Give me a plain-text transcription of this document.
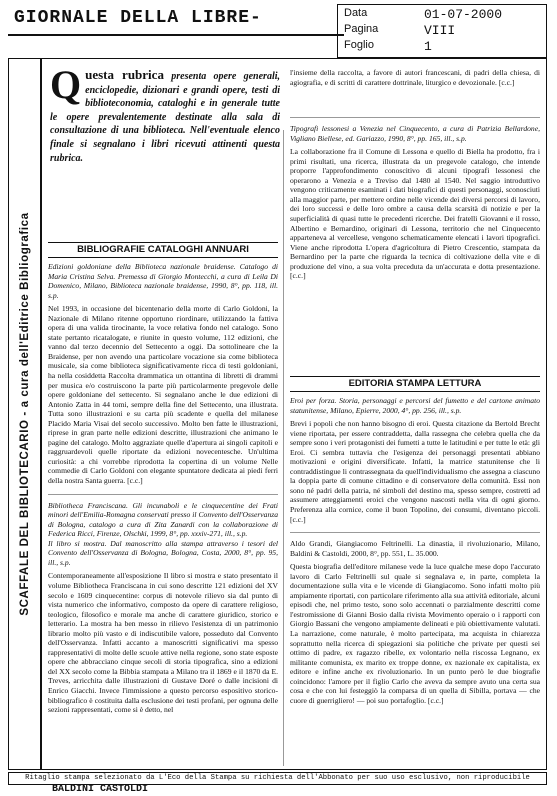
GIORNALE DELLA LIBRE-	Data	01-07-2000
Pagina	VIII
Foglio	1
SCAFFALE DEL BIBLIOTECARIO - a cura dell'Editrice Bibliografica
Questa rubrica presenta opere generali, enciclopedie, dizionari e grandi opere, testi di biblioteconomia, cataloghi e in generale tutte le opere prevalentemente destinate alla sala di consultazione di una biblioteca. Nell'eventuale elenco finale si segnalano i libri ricevuti attinenti questa rubrica.
BIBLIOGRAFIE CATALOGHI ANNUARI
EDITORIA STAMPA LETTURA

Edizioni goldoniane della Biblioteca nazionale braidense. Catalogo di Maria Cristina Selva. Premessa di Giorgio Montecchi, a cura di Leila Di Domenico, Milano, Biblioteca nazionale braidense, 1990, 8°, pp. 118, ill. s.p.

Nel 1993, in occasione del bicentenario della morte di Carlo Goldoni, la Nazionale di Milano ritenne opportuno riordinare, utilizzando la fattiva opera di una valida tirocinante, la voce relativa fondo nel catalogo. Sono state pertanto ricatalogate, e riunite in questo volume, 112 edizioni, che vanno dal terzo decennio del Settecento a oggi. Da sottolineare che la Braidense, per non avendo una particolare vocazione sia come biblioteca musicale, sia come biblioteca significativamente ricca di testi goldoniani, ha nella cosiddetta Raccolta drammatica un ottantina di libretti di drammi per musica e/o costruiscono la parte più particolarmente pregevole delle opere goldoniane del settecento. Si segnalano anche le due edizioni di Antonio Zatta in 44 tomi, sempre della fine del Settecento, una illustrata. Tutta sono illustrazioni e su carta più scadente e quella del milanese Placido Maria Visai del secolo successivo. Molto ben fatte le illustrazioni, riprese in gran parte nelle edizioni descritte, illustrazioni che animano le pagine del catalogo. Molto aggraziate quelle d'apertura ai singoli capitoli e raggruardevoli quelle riportate da edizioni novecentesche. Un'ultima curiosità: a chi vorrebbe riprodotta la copertina di un volume Nelle commedie di Carlo Goldoni con elegante spuntatore dedicata ai piedi ferri della nostra Santa guerra. [c.c.]

Bibliotheca Franciscana. Gli incunaboli e le cinquecentine dei Frati minori dell'Emilia-Romagna conservati presso il Convento dell'Osservanza di Bologna, catalogo a cura di Zita Zanardi con la collaborazione di Federica Ricci, Firenze, Olschki, 1999, 8°, pp. xxxiv-271, ill., s.p.

Il libro si mostra. Dal manoscritto alla stampa attraverso i tesori del Convento dell'Osservanza di Bologna, Bologna, Costa, 2000, 8°, pp. 95, ill., s.p.

Contemporaneamente all'esposizione Il libro si mostra e stato presentato il volume Bibliotheca Franciscana in cui sono descritte 121 edizioni del XV secolo e 1609 cinquecentine: corpus di notevole rilievo sia dal punto di vista numerico che informativo, composto da opere di carattere religioso, teologico, filosofico e morale ma anche di carattere giuridico, storico e letterario. La mostra ha ben messo in rilievo l'esistenza di un patrimonio librario molto più vasto e di indiscutibile valore, posseduto dal Convento dell'Osservanza. Infatti accanto a manoscritti significativi ma spesso rappresentativi di molte delle scuole attive nella regione, sono state esposte opere che abbracciano cinque secoli di storia tipografica, sino a edizioni del XX secolo come la Bibbia stampata a Milano tra il 1869 e il 1870 da E. Treves, arricchita dalle illustrazioni di Gustave Doré o dalle incisioni di Enrico Giacchi. Invece l'immissione a questo percorso espositivo storico-bibliografico è costituita dalla esclusione dei testi profani, per ognuna delle sezioni rappresentati, come si è detto, nel

l'insieme della raccolta, a favore di autori francescani, di padri della chiesa, di agiografia, e di scritti di carattere dottrinale, liturgico e devozionale. [c.c.]

Tipografi lessonesi a Venezia nel Cinquecento, a cura di Patrizia Bellardone, Vigliano Biellese, ed. Gariazzo, 1990, 8°, pp. 165, ill., s.p.

La collaborazione fra il Comune di Lessona e quello di Biella ha prodotto, fra i primi risultati, una ricerca, illustrata da un pregevole catalogo, che intende proporre l'approfondimento conoscitivo di alcuni tipografi lessonesi che operarono a Venezia e a Treviso dal 1480 al 1540. Nel saggio introduttivo vengono criticamente esaminati i dati biografici di questi personaggi, sconosciuti alla maggior parte, per mettere ordine nelle vicende dei diversi percorsi di lavoro, dei loro successi e delle loro ombre a causa della scarsità di notizie e per la superficialità di quasi tutte le precedenti ricerche. Dei fratelli Giovanni e il rosso, Albertino e Bernardino, originari di Lessona, territorio che nel Cinquecento apparteneva al vercellese, vengono schematicamente elencati i lavori tipografici. Viene anche riprodotta L'opera d'agricoltura di Pietro Crescentio, stampata da Bernardino per la parte che riguarda la tecnica di coltivazione della vite e di produzione del vino, a sua volta preceduta da un'accurata e dotta presentazione. [c.c.]

Eroi per forza. Storia, personaggi e percorsi del fumetto e del cartone animato statunitense, Milano, Epierre, 2000, 4°, pp. 256, ill., s.p.

Brevi i popoli che non hanno bisogno di eroi. Questa citazione da Bertold Brecht viene riportata, per essere contraddetta, dalla rassegna che celebra quella che da sempre sono i veri protagonisti dei fumetti a tutte le latitudini e per tutte le età: gli Eroi. Ci sembra tuttavia che l'esigenza dei personaggi presentati abbiano motivazioni e origini diversificate. Infatti, la matrice statunitense che li contraddistingue li contrassegnata da quell'individualismo che assegna a ciascuno la doppia parte di comune cittadino e di conservatore della comunità. Essi non sono né padri della patria, né simboli del destino ma, spesso sempre, costretti ad assumere atteggiamenti eroici che vengono nascosti nella vita di ogni giorno. Preferenza alla cornice, come il buon Topolino, dei consumi, diventano piccoli. [c.c.]

Aldo Grandi, Giangiacomo Feltrinelli. La dinastia, il rivoluzionario, Milano, Baldini & Castoldi, 2000, 8°, pp. 551, L. 35.000.

Questa biografia dell'editore milanese vede la luce qualche mese dopo l'accurato lavoro di Carlo Feltrinelli sul quale si segnalava e, in parte, completa la documentazione sulla vita e le vicende di Giangiacomo. Sono infatti molto più ampiamente riportati, con particolare riferimento alla sua attività editoriale, alcuni episodi che, nel primo testo, sono solo accennati o parzialmente descritti come l'estromissione di Gianni Bosio dalla rivista Movimento operaio o i rapporti con Giorgio Bassani che vengono ampiamente delineati e più obiettivamente valutati. La narrazione, come naturale, è molto partecipata, ma acquista in chiarezza soprattutto nella ricerca di spiegazioni sia politiche che private per questi sei ottimo di padre, ex ragazzo ribelle, ex volontario nella riscossa Legnano, ex militante comunista, ex marito ex troppe donne, ex nazionale ex capitalista, ex editore e infine anche ex rivoluzionario. In un punto però le due biografie coincidono: l'amore per il figlio Carlo che aveva da sempre avuto una certa sua cosa e che con lui festeggiò la comparsa di un quella di Sibilla, portava — che cuore di guerrigliero! — poi suo portafoglio. [c.c.]

Ritaglio stampa selezionato da L'Eco della Stampa su richiesta dell'Abbonato per suo uso esclusivo, non riproducibile
BALDINI CASTOLDI
